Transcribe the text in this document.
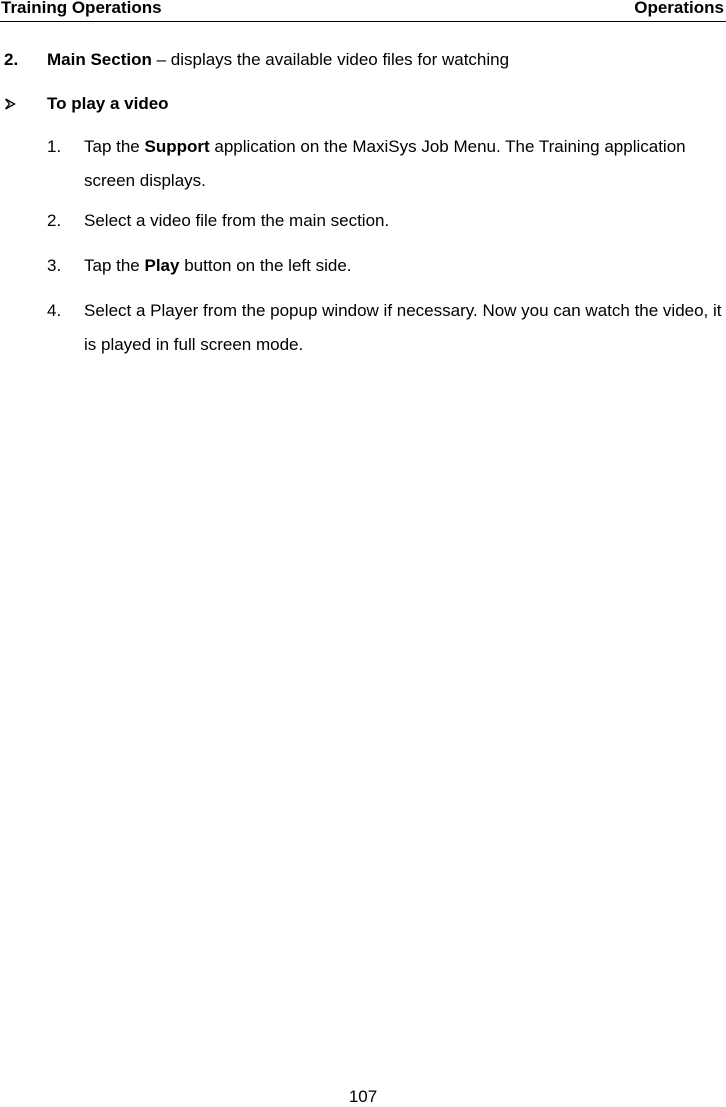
Training Operations	Operations
2. Main Section – displays the available video files for watching
To play a video
1. Tap the Support application on the MaxiSys Job Menu. The Training application screen displays.
2. Select a video file from the main section.
3. Tap the Play button on the left side.
4. Select a Player from the popup window if necessary. Now you can watch the video, it is played in full screen mode.
107
